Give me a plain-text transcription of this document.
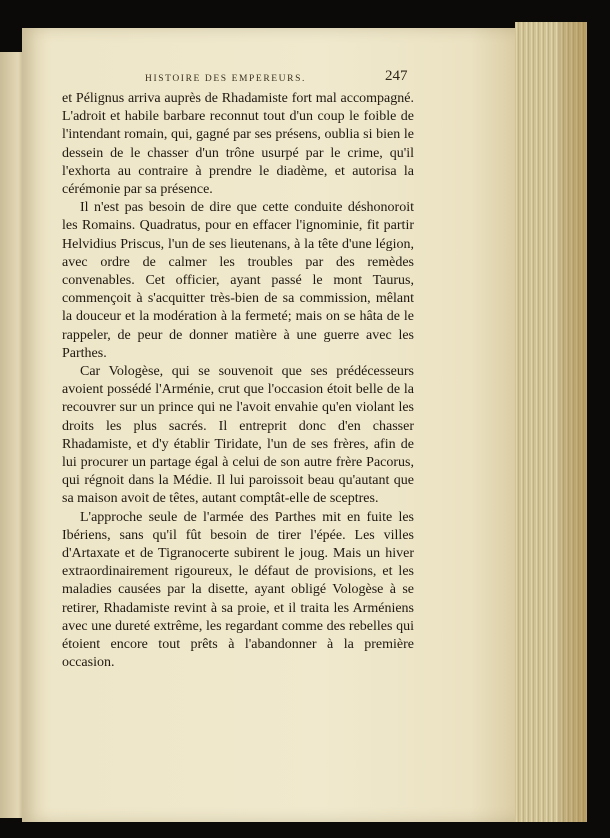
HISTOIRE DES EMPEREURS.	247

et Pélignus arriva auprès de Rhadamiste fort mal accompagné. L'adroit et habile barbare reconnut tout d'un coup le foible de l'intendant romain, qui, gagné par ses présens, oublia si bien le dessein de le chasser d'un trône usurpé par le crime, qu'il l'exhorta au contraire à prendre le diadème, et autorisa la cérémonie par sa présence.

Il n'est pas besoin de dire que cette conduite déshonoroit les Romains. Quadratus, pour en effacer l'ignominie, fit partir Helvidius Priscus, l'un de ses lieutenans, à la tête d'une légion, avec ordre de calmer les troubles par des remèdes convenables. Cet officier, ayant passé le mont Taurus, commençoit à s'acquitter très-bien de sa commission, mêlant la douceur et la modération à la fermeté; mais on se hâta de le rappeler, de peur de donner matière à une guerre avec les Parthes.

Car Vologèse, qui se souvenoit que ses prédécesseurs avoient possédé l'Arménie, crut que l'occasion étoit belle de la recouvrer sur un prince qui ne l'avoit envahie qu'en violant les droits les plus sacrés. Il entreprit donc d'en chasser Rhadamiste, et d'y établir Tiridate, l'un de ses frères, afin de lui procurer un partage égal à celui de son autre frère Pacorus, qui régnoit dans la Médie. Il lui paroissoit beau qu'autant que sa maison avoit de têtes, autant comptât-elle de sceptres.

L'approche seule de l'armée des Parthes mit en fuite les Ibériens, sans qu'il fût besoin de tirer l'épée. Les villes d'Artaxate et de Tigranocerte subirent le joug. Mais un hiver extraordinairement rigoureux, le défaut de provisions, et les maladies causées par la disette, ayant obligé Vologèse à se retirer, Rhadamiste revint à sa proie, et il traita les Arméniens avec une dureté extrême, les regardant comme des rebelles qui étoient encore tout prêts à l'abandonner à la première occasion.
